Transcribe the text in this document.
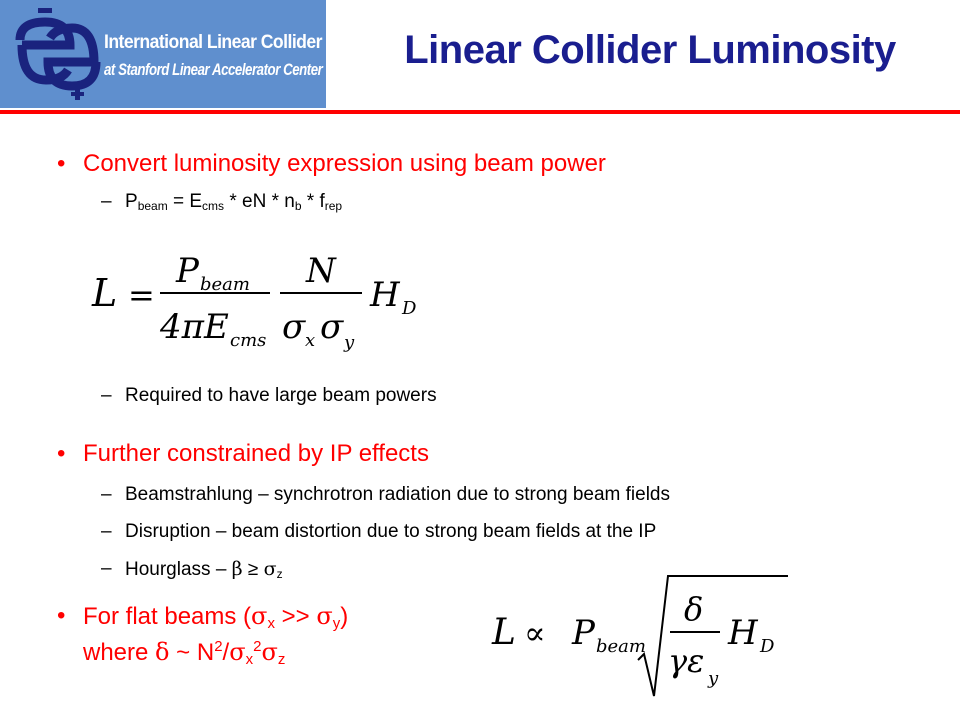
International Linear Collider
at Stanford Linear Accelerator Center	Linear Collider Luminosity
• Convert luminosity expression using beam power
– $P_{beam} = E_{cms}$ * eN * $n_b * f_{rep}$
L =
P beam
4πE cms
N
σ x σ y
H D
– Required to have large beam powers
• Further constrained by IP effects
– Beamstrahlung – synchrotron radiation due to strong beam fields
– Disruption – beam distortion due to strong beam fields at the IP
– Hourglass – $\beta \ge \sigma_z$
• For flat beams (σx >> σy)
where δ ~ $N^2/\sigma x^2\sigma z$
L ∝ P beam
δ
γε y
H D
